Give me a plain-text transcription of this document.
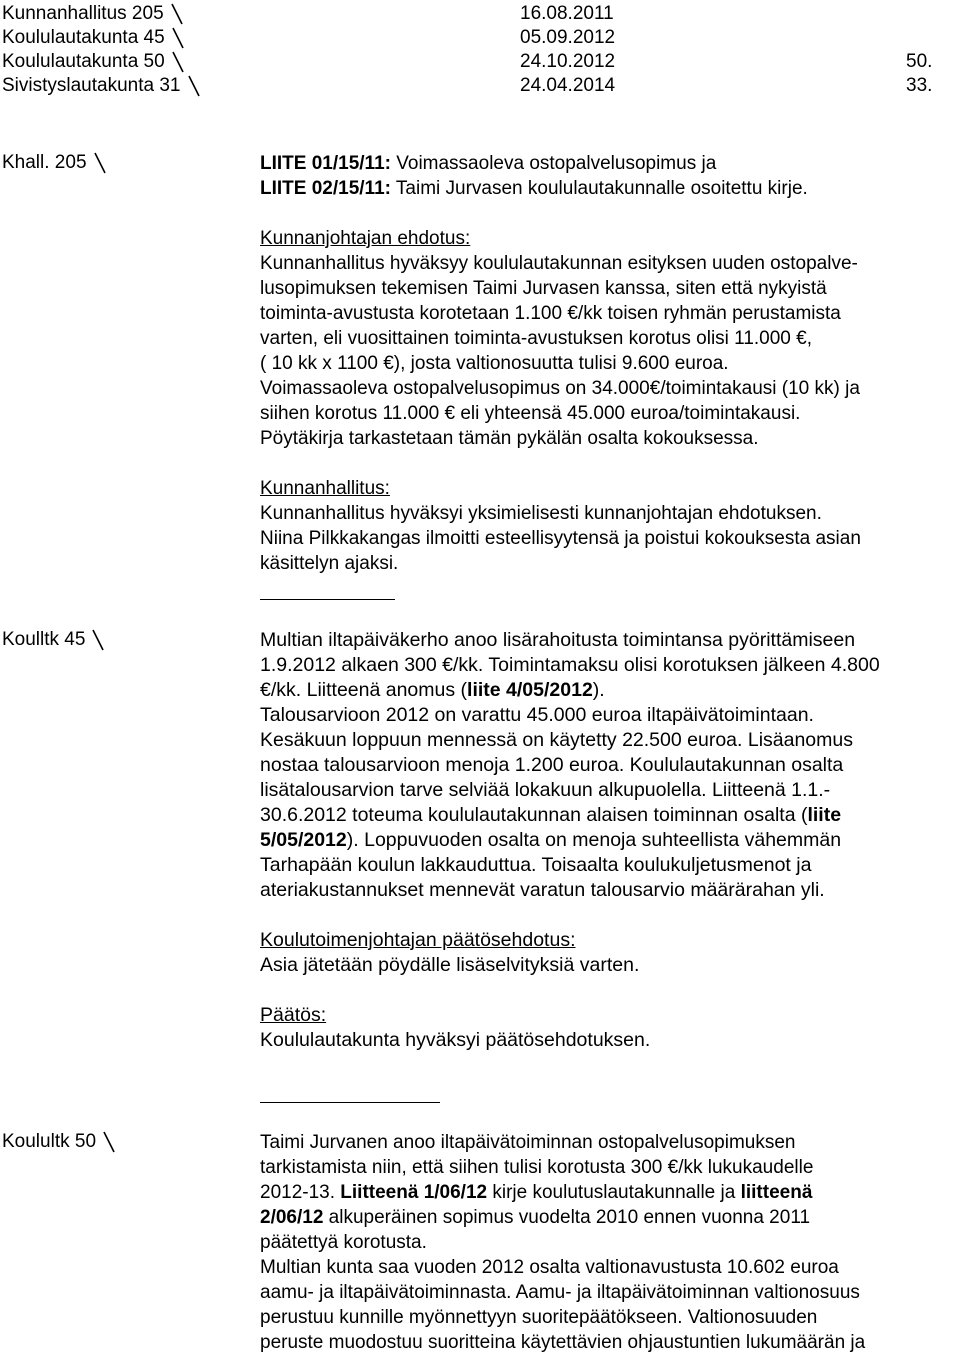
Kunnanhallitus 205	16.08.2011
Koululautakunta 45	05.09.2012
Koululautakunta 50	24.10.2012	50.
Sivistyslautakunta 31	24.04.2014	33.
Khall. 205	LIITE 01/15/11: Voimassaoleva ostopalvelusopimus ja

LIITE 02/15/11: Taimi Jurvasen koululautakunnalle osoitettu kirje.

Kunnanjohtajan ehdotus:

Kunnanhallitus hyväksyy koululautakunnan esityksen uuden ostopalve-

lusopimuksen tekemisen Taimi Jurvasen kanssa, siten että nykyistä

toiminta-avustusta korotetaan 1.100 €/kk toisen ryhmän perustamista

varten, eli vuosittainen toiminta-avustuksen korotus olisi 11.000 €,

( 10 kk x 1100 €), josta valtionosuutta tulisi 9.600 euroa.

Voimassaoleva ostopalvelusopimus on 34.000€/toimintakausi (10 kk) ja

siihen korotus 11.000 € eli yhteensä 45.000 euroa/toimintakausi.

Pöytäkirja tarkastetaan tämän pykälän osalta kokouksessa.

Kunnanhallitus:

Kunnanhallitus hyväksyi yksimielisesti kunnanjohtajan ehdotuksen.

Niina Pilkkakangas ilmoitti esteellisyytensä ja poistui kokouksesta asian

käsittelyn ajaksi.

Koulltk 45	Multian iltapäiväkerho anoo lisärahoitusta toimintansa pyörittämiseen

1.9.2012 alkaen 300 €/kk. Toimintamaksu olisi korotuksen jälkeen 4.800

€/kk. Liitteenä anomus (liite 4/05/2012).

Talousarvioon 2012 on varattu 45.000 euroa iltapäivätoimintaan.

Kesäkuun loppuun mennessä on käytetty 22.500 euroa. Lisäanomus

nostaa talousarvioon menoja 1.200 euroa. Koululautakunnan osalta

lisätalousarvion tarve selviää lokakuun alkupuolella. Liitteenä 1.1.-

30.6.2012 toteuma koululautakunnan alaisen toiminnan osalta (liite

5/05/2012). Loppuvuoden osalta on menoja suhteellista vähemmän

Tarhapään koulun lakkauduttua. Toisaalta koulukuljetusmenot ja

ateriakustannukset mennevät varatun talousarvio määrärahan yli.

Koulutoimenjohtajan päätösehdotus:

Asia jätetään pöydälle lisäselvityksiä varten.

Päätös:

Koululautakunta hyväksyi päätösehdotuksen.

Koulultk 50	Taimi Jurvanen anoo iltapäivätoiminnan ostopalvelusopimuksen

tarkistamista niin, että siihen tulisi korotusta 300 €/kk lukukaudelle

2012-13. Liitteenä 1/06/12 kirje koulutuslautakunnalle ja liitteenä

2/06/12 alkuperäinen sopimus vuodelta 2010 ennen vuonna 2011

päätettyä korotusta.

Multian kunta saa vuoden 2012 osalta valtionavustusta 10.602 euroa

aamu- ja iltapäivätoiminnasta. Aamu- ja iltapäivätoiminnan valtionosuus

perustuu kunnille myönnettyyn suoritepäätökseen. Valtionosuuden

peruste muodostuu suoritteina käytettävien ohjaustuntien lukumäärän ja
